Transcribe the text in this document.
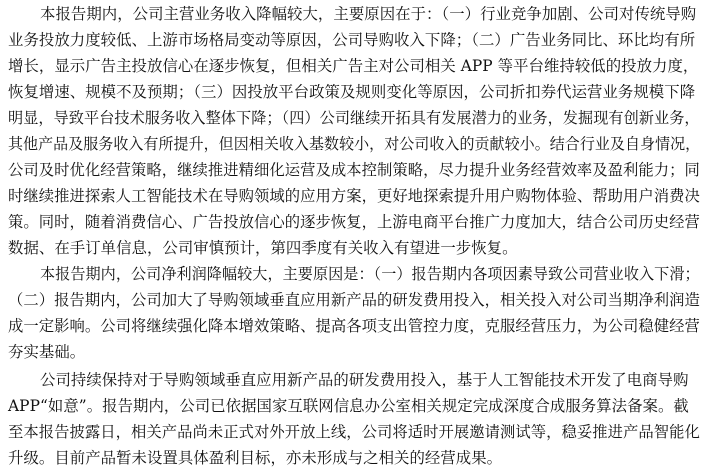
本报告期内，公司主营业务收入降幅较大，主要原因在于：（一）行业竞争加剧、公司对传统导购
业务投放力度较低、上游市场格局变动等原因，公司导购收入下降；（二）广告业务同比、环比均有所
增长，显示广告主投放信心在逐步恢复，但相关广告主对公司相关 APP 等平台维持较低的投放力度，
恢复增速、规模不及预期；（三）因投放平台政策及规则变化等原因，公司折扣券代运营业务规模下降
明显，导致平台技术服务收入整体下降；（四）公司继续开拓具有发展潜力的业务，发掘现有创新业务，
其他产品及服务收入有所提升，但因相关收入基数较小，对公司收入的贡献较小。结合行业及自身情况，
公司及时优化经营策略，继续推进精细化运营及成本控制策略，尽力提升业务经营效率及盈利能力；同
时继续推进探索人工智能技术在导购领域的应用方案，更好地探索提升用户购物体验、帮助用户消费决
策。同时，随着消费信心、广告投放信心的逐步恢复，上游电商平台推广力度加大，结合公司历史经营
数据、在手订单信息，公司审慎预计，第四季度有关收入有望进一步恢复。
本报告期内，公司净利润降幅较大，主要原因是：（一）报告期内各项因素导致公司营业收入下滑；
（二）报告期内，公司加大了导购领域垂直应用新产品的研发费用投入，相关投入对公司当期净利润造
成一定影响。公司将继续强化降本增效策略、提高各项支出管控力度，克服经营压力，为公司稳健经营
夯实基础。
公司持续保持对于导购领域垂直应用新产品的研发费用投入，基于人工智能技术开发了电商导购
APP“如意”。报告期内，公司已依据国家互联网信息办公室相关规定完成深度合成服务算法备案。截
至本报告披露日，相关产品尚未正式对外开放上线，公司将适时开展邀请测试等，稳妥推进产品智能化
升级。目前产品暂未设置具体盈利目标，亦未形成与之相关的经营成果。
